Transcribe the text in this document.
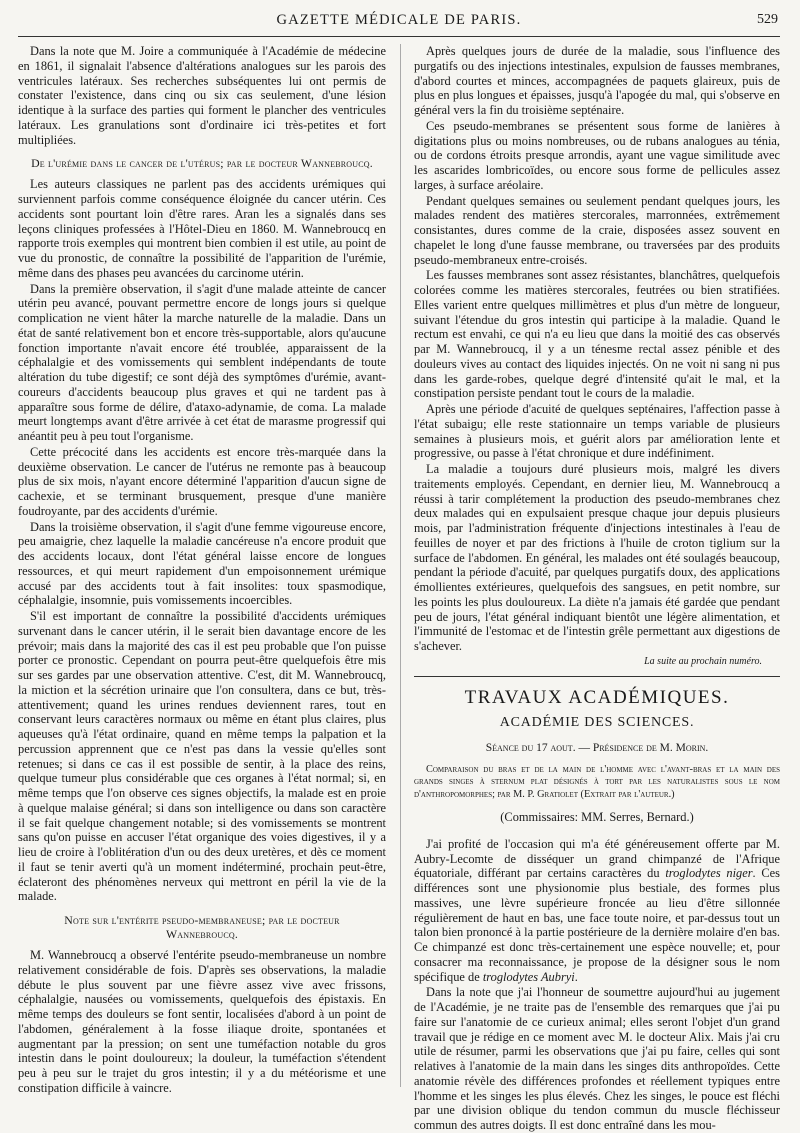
GAZETTE MÉDICALE DE PARIS.	529

Dans la note que M. Joire a communiquée à l'Académie de médecine en 1861, il signalait l'absence d'altérations analogues sur les parois des ventricules latéraux. Ses recherches subséquentes lui ont permis de constater l'existence, dans cinq ou six cas seulement, d'une lésion identique à la surface des parties qui forment le plancher des ventricules latéraux. Les granulations sont d'ordinaire ici très-petites et fort multipliées.

De l'urémie dans le cancer de l'utérus; par le docteur Wannebroucq.

Les auteurs classiques ne parlent pas des accidents urémiques qui surviennent parfois comme conséquence éloignée du cancer utérin. Ces accidents sont pourtant loin d'être rares. Aran les a signalés dans ses leçons cliniques professées à l'Hôtel-Dieu en 1860. M. Wannebroucq en rapporte trois exemples qui montrent bien combien il est utile, au point de vue du pronostic, de connaître la possibilité de l'apparition de l'urémie, même dans des phases peu avancées du carcinome utérin.

Dans la première observation, il s'agit d'une malade atteinte de cancer utérin peu avancé, pouvant permettre encore de longs jours si quelque complication ne vient hâter la marche naturelle de la maladie. Dans un état de santé relativement bon et encore très-supportable, alors qu'aucune fonction importante n'avait encore été troublée, apparaissent de la céphalalgie et des vomissements qui semblent indépendants de toute altération du tube digestif; ce sont déjà des symptômes d'urémie, avant-coureurs d'accidents beaucoup plus graves et qui ne tardent pas à apparaître sous forme de délire, d'ataxo-adynamie, de coma. La malade meurt longtemps avant d'être arrivée à cet état de marasme progressif qui anéantit peu à peu tout l'organisme.

Cette précocité dans les accidents est encore très-marquée dans la deuxième observation. Le cancer de l'utérus ne remonte pas à beaucoup plus de six mois, n'ayant encore déterminé l'apparition d'aucun signe de cachexie, et se terminant brusquement, presque d'une manière foudroyante, par des accidents d'urémie.

Dans la troisième observation, il s'agit d'une femme vigoureuse encore, peu amaigrie, chez laquelle la maladie cancéreuse n'a encore produit que des accidents locaux, dont l'état général laisse encore de longues ressources, et qui meurt rapidement d'un empoisonnement urémique accusé par des accidents tout à fait insolites: toux spasmodique, céphalalgie, insomnie, puis vomissements incoercibles.

S'il est important de connaître la possibilité d'accidents urémiques survenant dans le cancer utérin, il le serait bien davantage encore de les prévoir; mais dans la majorité des cas il est peu probable que l'on puisse porter ce pronostic. Cependant on pourra peut-être quelquefois être mis sur ses gardes par une observation attentive. C'est, dit M. Wannebroucq, la miction et la sécrétion urinaire que l'on consultera, dans ce but, très-attentivement; quand les urines rendues deviennent rares, tout en conservant leurs caractères normaux ou même en étant plus claires, plus aqueuses qu'à l'état ordinaire, quand en même temps la palpation et la percussion apprennent que ce n'est pas dans la vessie qu'elles sont retenues; si dans ce cas il est possible de sentir, à la place des reins, quelque tumeur plus considérable que ces organes à l'état normal; si, en même temps que l'on observe ces signes objectifs, la malade est en proie à quelque malaise général; si dans son intelligence ou dans son caractère il se fait quelque changement notable; si des vomissements se montrent sans qu'on puisse en accuser l'état organique des voies digestives, il y a lieu de croire à l'oblitération d'un ou des deux uretères, et dès ce moment il faut se tenir averti qu'à un moment indéterminé, prochain peut-être, éclateront des phénomènes nerveux qui mettront en péril la vie de la malade.

Note sur l'entérite pseudo-membraneuse; par le docteur Wannebroucq.

M. Wannebroucq a observé l'entérite pseudo-membraneuse un nombre relativement considérable de fois. D'après ses observations, la maladie débute le plus souvent par une fièvre assez vive avec frissons, céphalalgie, nausées ou vomissements, quelquefois des épistaxis. En même temps des douleurs se font sentir, localisées d'abord à un point de l'abdomen, généralement à la fosse iliaque droite, spontanées et augmentant par la pression; on sent une tuméfaction notable du gros intestin dans le point douloureux; la douleur, la tuméfaction s'étendent peu à peu sur le trajet du gros intestin; il y a du météorisme et une constipation difficile à vaincre.

Après quelques jours de durée de la maladie, sous l'influence des purgatifs ou des injections intestinales, expulsion de fausses membranes, d'abord courtes et minces, accompagnées de paquets glaireux, puis de plus en plus longues et épaisses, jusqu'à l'apogée du mal, qui s'observe en général vers la fin du troisième septénaire.

Ces pseudo-membranes se présentent sous forme de lanières à digitations plus ou moins nombreuses, ou de rubans analogues au ténia, ou de cordons étroits presque arrondis, ayant une vague similitude avec les ascarides lombricoïdes, ou encore sous forme de pellicules assez larges, à surface aréolaire.

Pendant quelques semaines ou seulement pendant quelques jours, les malades rendent des matières stercorales, marronnées, extrêmement consistantes, dures comme de la craie, disposées assez souvent en chapelet le long d'une fausse membrane, ou traversées par des produits pseudo-membraneux entre-croisés.

Les fausses membranes sont assez résistantes, blanchâtres, quelquefois colorées comme les matières stercorales, feutrées ou bien stratifiées. Elles varient entre quelques millimètres et plus d'un mètre de longueur, suivant l'étendue du gros intestin qui participe à la maladie. Quand le rectum est envahi, ce qui n'a eu lieu que dans la moitié des cas observés par M. Wannebroucq, il y a un ténesme rectal assez pénible et des douleurs vives au contact des liquides injectés. On ne voit ni sang ni pus dans les garde-robes, quelque degré d'intensité qu'ait le mal, et la constipation persiste pendant tout le cours de la maladie.

Après une période d'acuité de quelques septénaires, l'affection passe à l'état subaigu; elle reste stationnaire un temps variable de plusieurs semaines à plusieurs mois, et guérit alors par amélioration lente et progressive, ou passe à l'état chronique et dure indéfiniment.

La maladie a toujours duré plusieurs mois, malgré les divers traitements employés. Cependant, en dernier lieu, M. Wannebroucq a réussi à tarir complétement la production des pseudo-membranes chez deux malades qui en expulsaient presque chaque jour depuis plusieurs mois, par l'administration fréquente d'injections intestinales à l'eau de feuilles de noyer et par des frictions à l'huile de croton tiglium sur la surface de l'abdomen. En général, les malades ont été soulagés beaucoup, pendant la période d'acuité, par quelques purgatifs doux, des applications émollientes extérieures, quelquefois des sangsues, en petit nombre, sur les points les plus douloureux. La diète n'a jamais été gardée que pendant peu de jours, l'état général indiquant bientôt une légère alimentation, et l'immunité de l'estomac et de l'intestin grêle permettant aux digestions de s'achever.

La suite au prochain numéro.
TRAVAUX ACADÉMIQUES.
ACADÉMIE DES SCIENCES.
Séance du 17 aout. — Présidence de M. Morin.

Comparaison du bras et de la main de l'homme avec l'avant-bras et la main des grands singes à sternum plat désignés à tort par les naturalistes sous le nom d'anthropomorphes; par M. P. Gratiolet (Extrait par l'auteur.)

(Commissaires: MM. Serres, Bernard.)

J'ai profité de l'occasion qui m'a été généreusement offerte par M. Aubry-Lecomte de disséquer un grand chimpanzé de l'Afrique équatoriale, différant par certains caractères du troglodytes niger. Ces différences sont une physionomie plus bestiale, des formes plus massives, une lèvre supérieure froncée au lieu d'être sillonnée régulièrement de haut en bas, une face toute noire, et par-dessus tout un talon bien prononcé à la partie postérieure de la dernière molaire d'en bas. Ce chimpanzé est donc très-certainement une espèce nouvelle; et, pour consacrer ma reconnaissance, je propose de la désigner sous le nom spécifique de troglodytes Aubryi.

Dans la note que j'ai l'honneur de soumettre aujourd'hui au jugement de l'Académie, je ne traite pas de l'ensemble des remarques que j'ai pu faire sur l'anatomie de ce curieux animal; elles seront l'objet d'un grand travail que je rédige en ce moment avec M. le docteur Alix. Mais j'ai cru utile de résumer, parmi les observations que j'ai pu faire, celles qui sont relatives à l'anatomie de la main dans les singes dits anthropoïdes. Cette anatomie révèle des différences profondes et réellement typiques entre l'homme et les singes les plus élevés. Chez les singes, le pouce est fléchi par une division oblique du tendon commun du muscle fléchisseur commun des autres doigts. Il est donc entraîné dans les mou-
